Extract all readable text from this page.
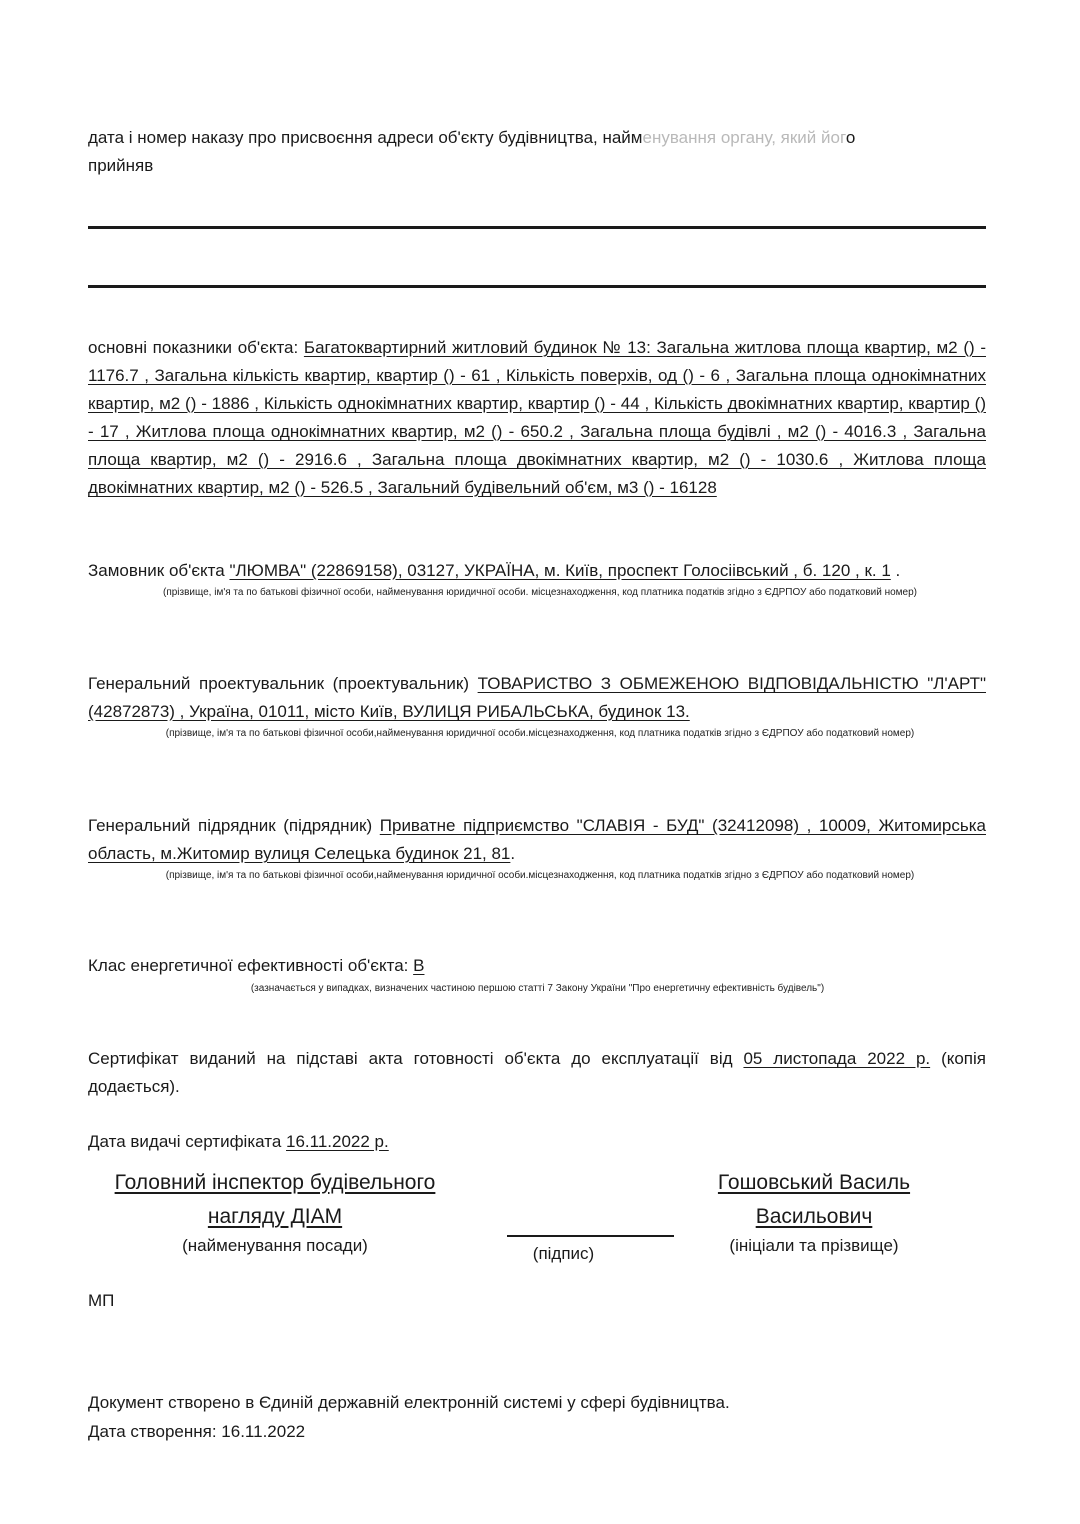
дата і номер наказу про присвоєння адреси об'єкту будівництва, найменування органу, який його
прийняв
основні показники об'єкта: Багатоквартирний житловий будинок № 13: Загальна житлова площа квартир, м2 () - 1176.7 , Загальна кількість квартир, квартир () - 61 , Кількість поверхів, од () - 6 , Загальна площа однокімнатних квартир, м2 () - 1886 , Кількість однокімнатних квартир, квартир () - 44 , Кількість двокімнатних квартир, квартир () - 17 , Житлова площа однокімнатних квартир, м2 () - 650.2 , Загальна площа будівлі , м2 () - 4016.3 , Загальна площа квартир, м2 () - 2916.6 , Загальна площа двокімнатних квартир, м2 () - 1030.6 , Житлова площа двокімнатних квартир, м2 () - 526.5 , Загальний будівельний об'єм, м3 () - 16128
Замовник об'єкта "ЛЮМВА" (22869158), 03127, УКРАЇНА, м. Київ, проспект Голосіівський , б. 120 , к. 1 .
(прізвище, ім'я та по батькові фізичної особи, найменування юридичної особи. місцезнаходження, код платника податків згідно з ЄДРПОУ або податковий номер)
Генеральний проектувальник (проектувальник) ТОВАРИСТВО З ОБМЕЖЕНОЮ ВІДПОВІДАЛЬНІСТЮ "Л'АРТ" (42872873) , Україна, 01011, місто Київ, ВУЛИЦЯ РИБАЛЬСЬКА, будинок 13.
(прізвище, ім'я та по батькові фізичної особи,найменування юридичної особи.місцезнаходження, код платника податків згідно з ЄДРПОУ або податковий номер)
Генеральний підрядник (підрядник) Приватне підприємство "СЛАВІЯ - БУД" (32412098) , 10009, Житомирська область, м.Житомир вулиця Селецька будинок 21, 81.
(прізвище, ім'я та по батькові фізичної особи,найменування юридичної особи.місцезнаходження, код платника податків згідно з ЄДРПОУ або податковий номер)
Клас енергетичної ефективності об'єкта: В
(зазначається у випадках, визначених частиною першою статті 7 Закону України "Про енергетичну ефективність будівель")
Сертифікат виданий на підставі акта готовності об'єкта до експлуатації від 05 листопада 2022 р. (копія додається).
Дата видачі сертифіката 16.11.2022 р.
Головний інспектор будівельного
нагляду ДІАМ
(найменування посади)	(підпис)
Гошовський Василь
Васильович
(ініціали та прізвище)
МП
Документ створено в Єдиній державній електронній системі у сфері будівництва.
Дата створення: 16.11.2022
